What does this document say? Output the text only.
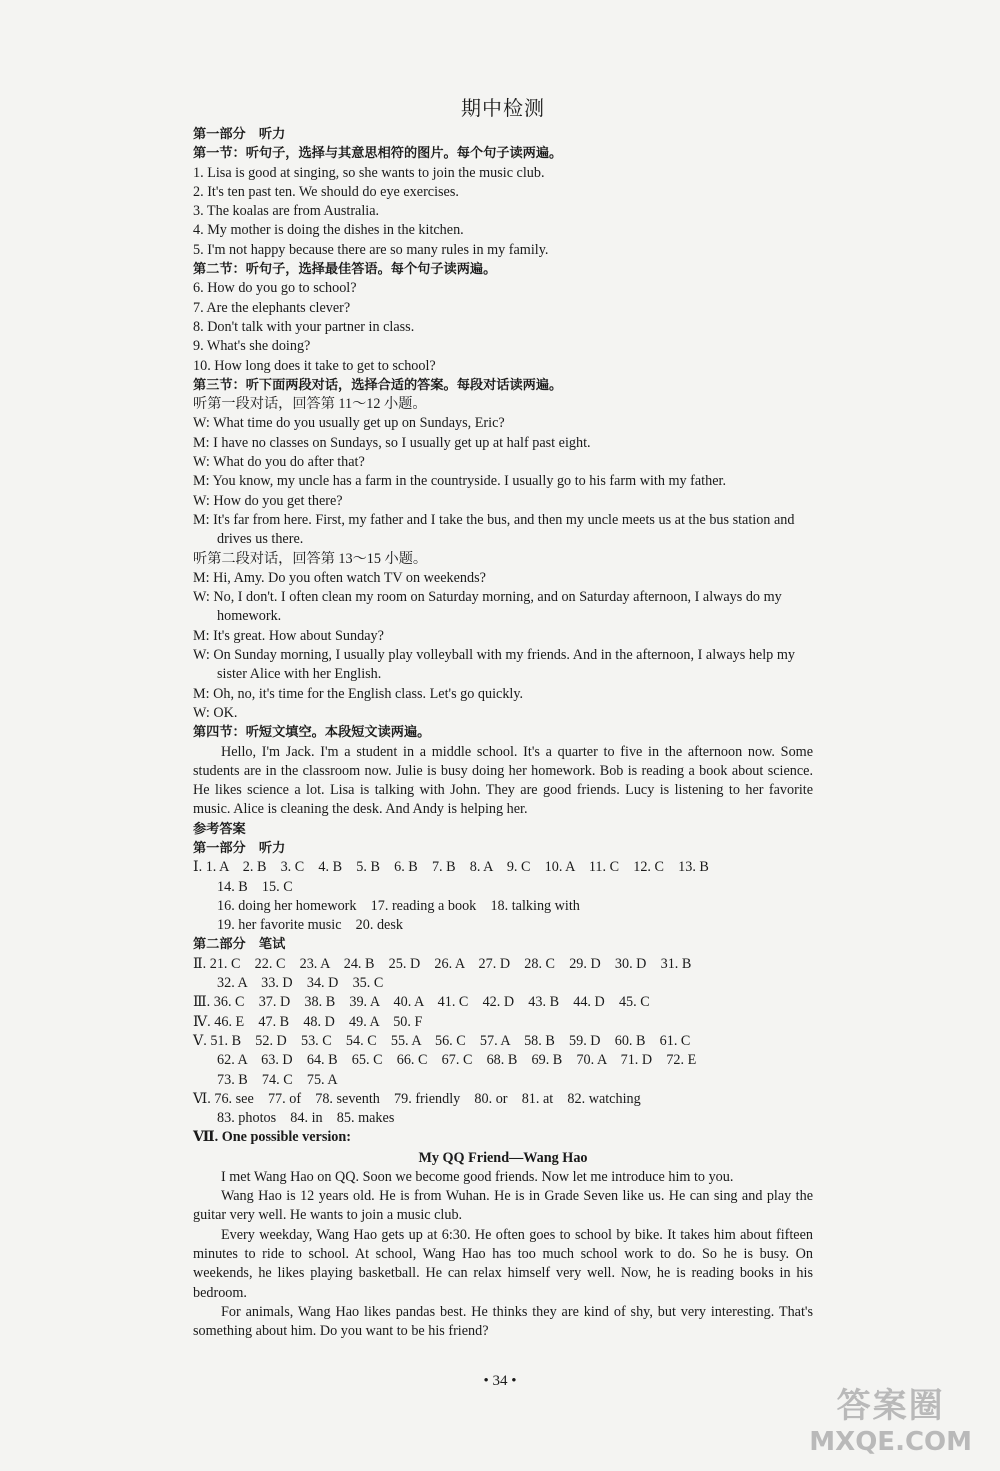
期中检测
第一部分　听力
第一节：听句子，选择与其意思相符的图片。每个句子读两遍。
1. Lisa is good at singing, so she wants to join the music club.
2. It's ten past ten. We should do eye exercises.
3. The koalas are from Australia.
4. My mother is doing the dishes in the kitchen.
5. I'm not happy because there are so many rules in my family.
第二节：听句子，选择最佳答语。每个句子读两遍。
6. How do you go to school?
7. Are the elephants clever?
8. Don't talk with your partner in class.
9. What's she doing?
10. How long does it take to get to school?
第三节：听下面两段对话，选择合适的答案。每段对话读两遍。
听第一段对话，回答第 11～12 小题。
W: What time do you usually get up on Sundays, Eric?
M: I have no classes on Sundays, so I usually get up at half past eight.
W: What do you do after that?
M: You know, my uncle has a farm in the countryside. I usually go to his farm with my father.
W: How do you get there?
M: It's far from here. First, my father and I take the bus, and then my uncle meets us at the bus station and drives us there.
听第二段对话，回答第 13～15 小题。
M: Hi, Amy. Do you often watch TV on weekends?
W: No, I don't. I often clean my room on Saturday morning, and on Saturday afternoon, I always do my homework.
M: It's great. How about Sunday?
W: On Sunday morning, I usually play volleyball with my friends. And in the afternoon, I always help my sister Alice with her English.
M: Oh, no, it's time for the English class. Let's go quickly.
W: OK.
第四节：听短文填空。本段短文读两遍。
Hello, I'm Jack. I'm a student in a middle school. It's a quarter to five in the afternoon now. Some students are in the classroom now. Julie is busy doing her homework. Bob is reading a book about science. He likes science a lot. Lisa is talking with John. They are good friends. Lucy is listening to her favorite music. Alice is cleaning the desk. And Andy is helping her.
参考答案
第一部分　听力
Ⅰ. 1. A　2. B　3. C　4. B　5. B　6. B　7. B　8. A　9. C　10. A　11. C　12. C　13. B
14. B　15. C
16. doing her homework　17. reading a book　18. talking with
19. her favorite music　20. desk
第二部分　笔试
Ⅱ. 21. C　22. C　23. A　24. B　25. D　26. A　27. D　28. C　29. D　30. D　31. B
32. A　33. D　34. D　35. C
Ⅲ. 36. C　37. D　38. B　39. A　40. A　41. C　42. D　43. B　44. D　45. C
Ⅳ. 46. E　47. B　48. D　49. A　50. F
Ⅴ. 51. B　52. D　53. C　54. C　55. A　56. C　57. A　58. B　59. D　60. B　61. C
62. A　63. D　64. B　65. C　66. C　67. C　68. B　69. B　70. A　71. D　72. E
73. B　74. C　75. A
Ⅵ. 76. see　77. of　78. seventh　79. friendly　80. or　81. at　82. watching
83. photos　84. in　85. makes
Ⅶ. One possible version:
My QQ Friend—Wang Hao
I met Wang Hao on QQ. Soon we become good friends. Now let me introduce him to you.
Wang Hao is 12 years old. He is from Wuhan. He is in Grade Seven like us. He can sing and play the guitar very well. He wants to join a music club.
Every weekday, Wang Hao gets up at 6:30. He often goes to school by bike. It takes him about fifteen minutes to ride to school. At school, Wang Hao has too much school work to do. So he is busy. On weekends, he likes playing basketball. He can relax himself very well. Now, he is reading books in his bedroom.
For animals, Wang Hao likes pandas best. He thinks they are kind of shy, but very interesting. That's something about him. Do you want to be his friend?
• 34 •
答案圈
MXQE.COM
